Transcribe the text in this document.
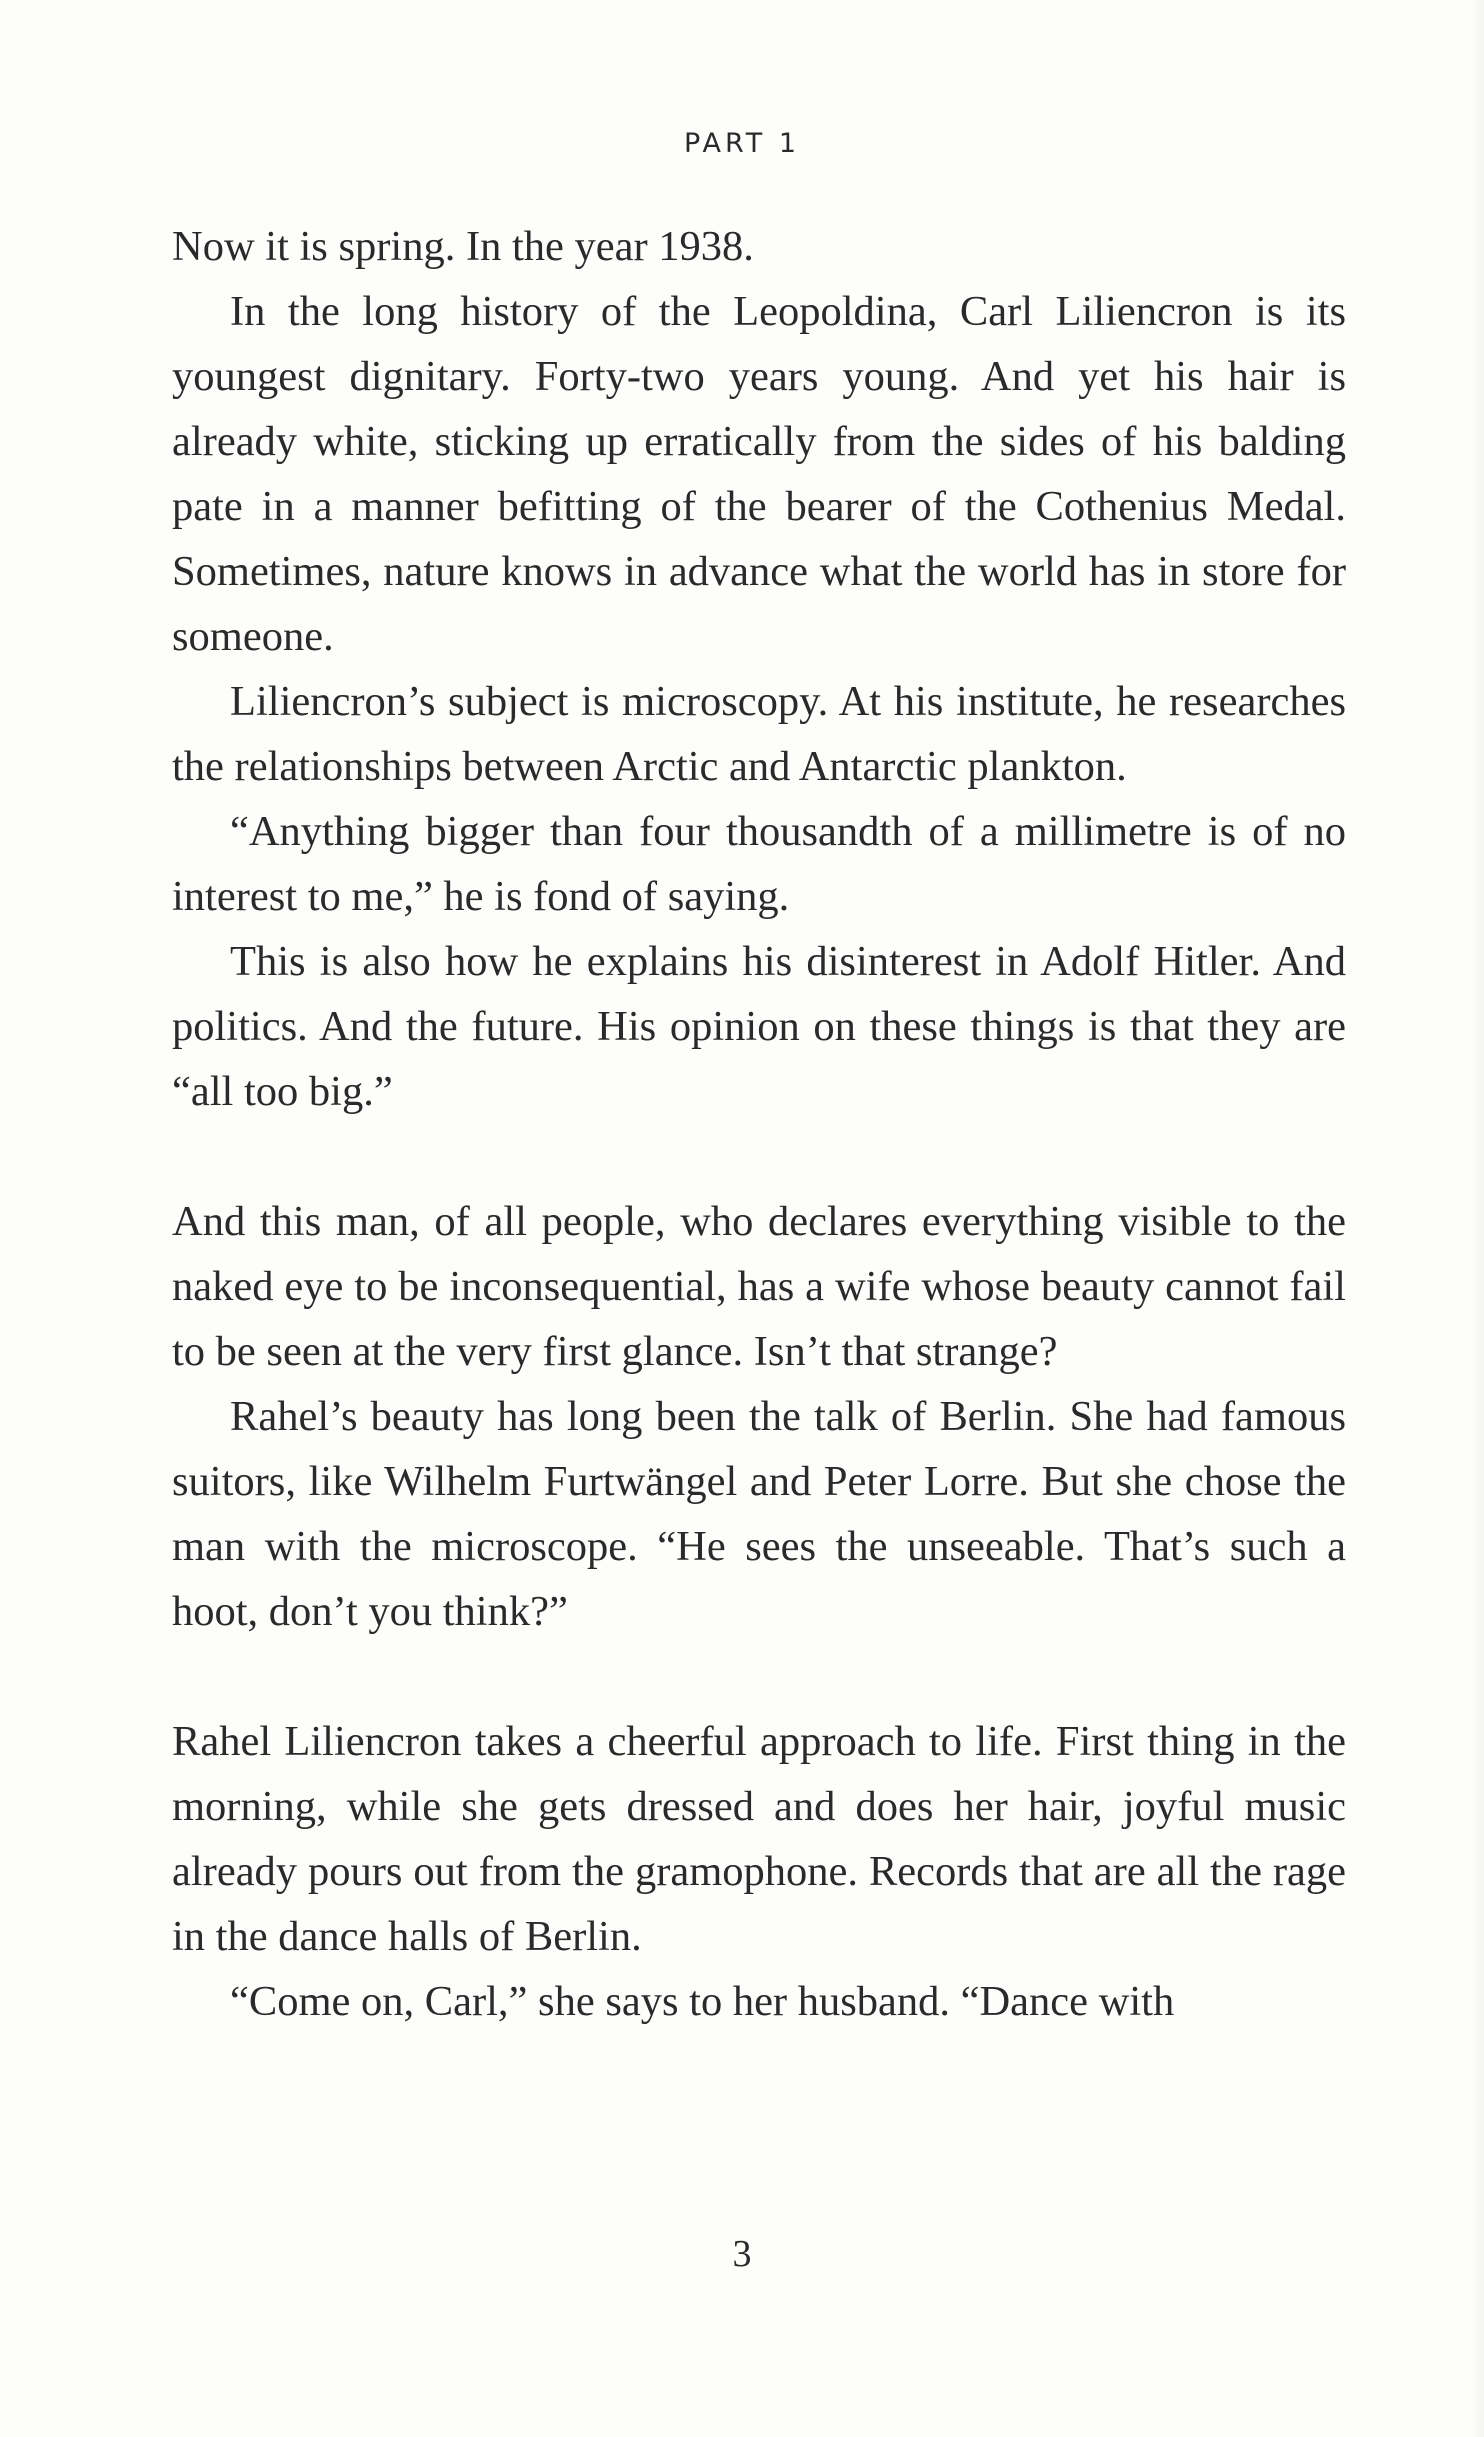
PART 1

Now it is spring. In the year 1938.

In the long history of the Leopoldina, Carl Liliencron is its youngest dignitary. Forty-two years young. And yet his hair is already white, sticking up erratically from the sides of his balding pate in a manner befitting of the bearer of the Cothenius Medal. Sometimes, nature knows in advance what the world has in store for someone.

Liliencron’s subject is microscopy. At his institute, he researches the relationships between Arctic and Antarctic plankton.

“Anything bigger than four thousandth of a millimetre is of no interest to me,” he is fond of saying.

This is also how he explains his disinterest in Adolf Hitler. And politics. And the future. His opinion on these things is that they are “all too big.”

And this man, of all people, who declares everything visible to the naked eye to be inconsequential, has a wife whose beauty cannot fail to be seen at the very first glance. Isn’t that strange?

Rahel’s beauty has long been the talk of Berlin. She had famous suitors, like Wilhelm Furtwängel and Peter Lorre. But she chose the man with the microscope. “He sees the unseeable. That’s such a hoot, don’t you think?”

Rahel Liliencron takes a cheerful approach to life. First thing in the morning, while she gets dressed and does her hair, joyful music already pours out from the gramophone. Records that are all the rage in the dance halls of Berlin.

“Come on, Carl,” she says to her husband. “Dance with

3
